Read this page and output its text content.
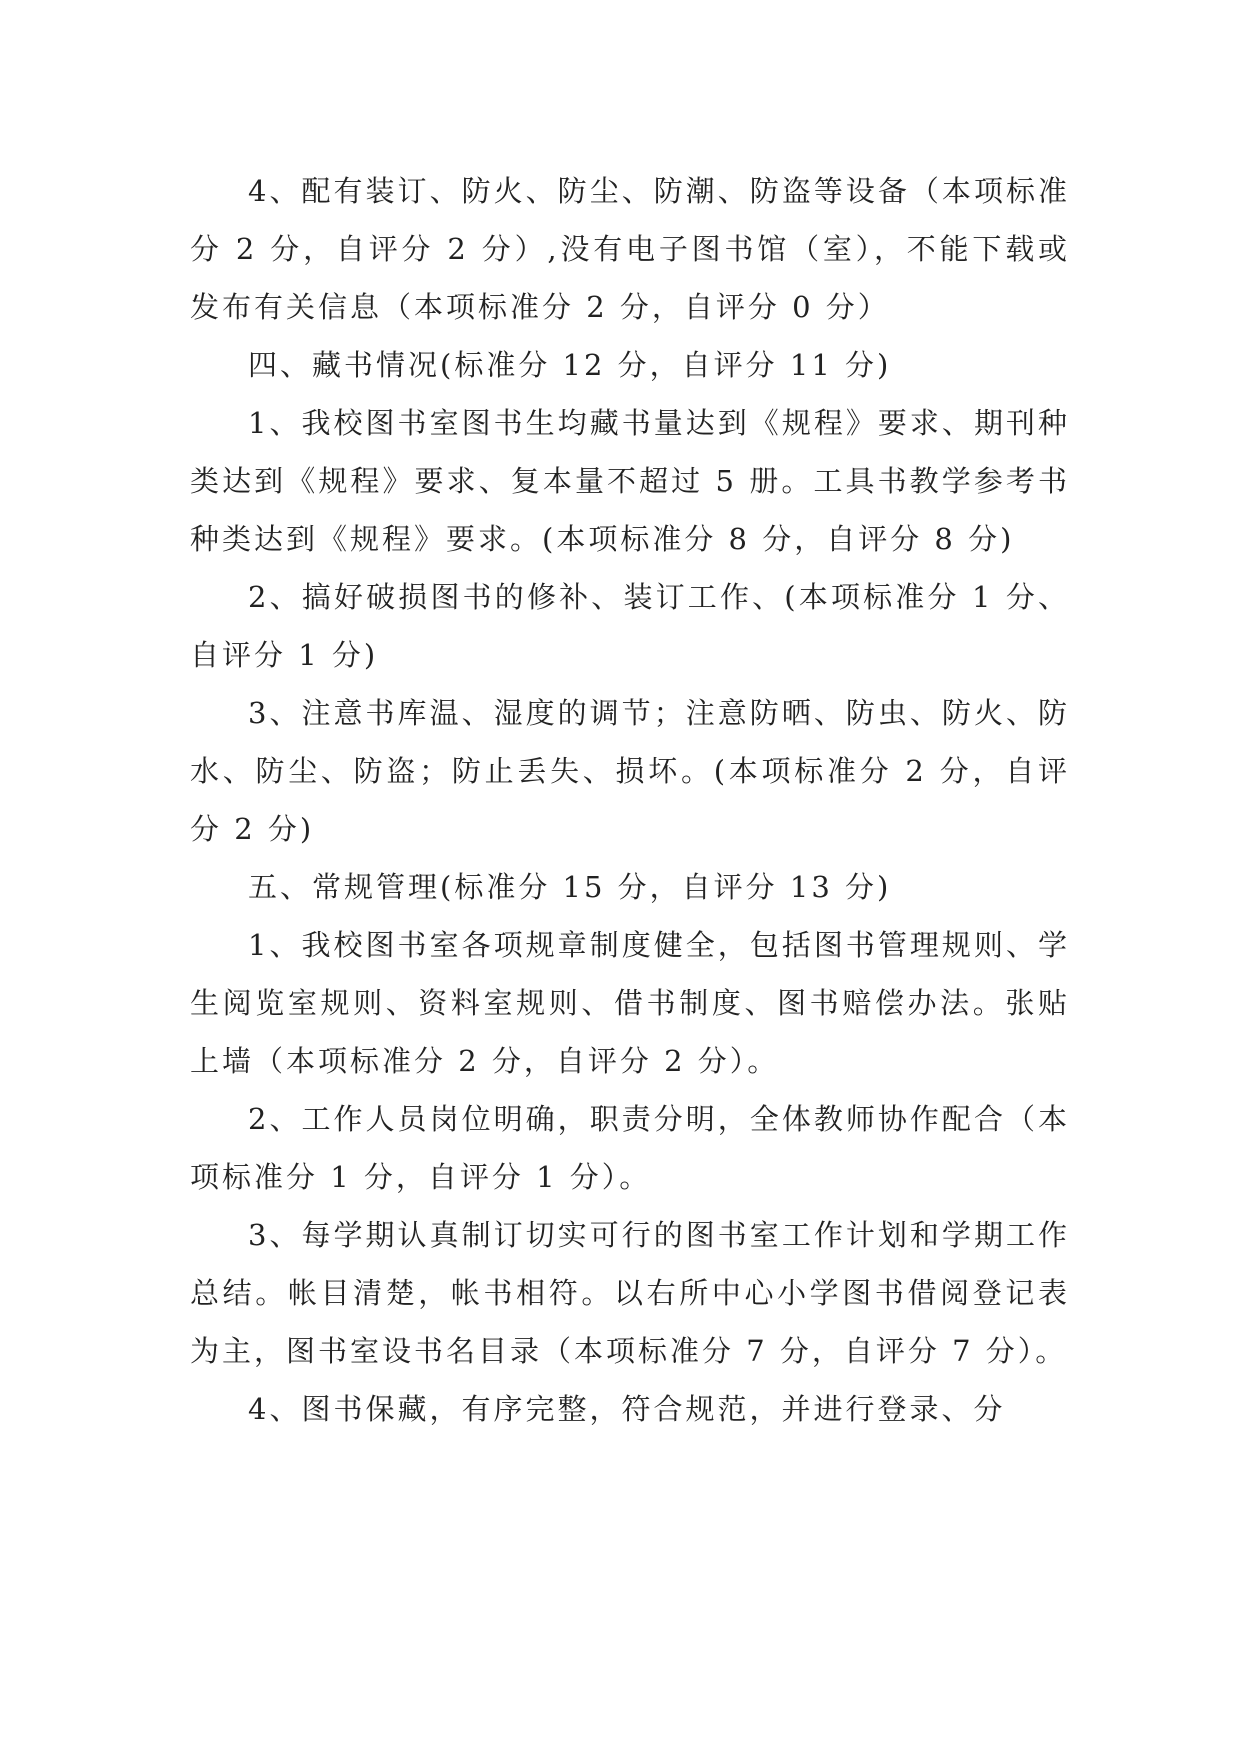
4、配有装订、防火、防尘、防潮、防盗等设备（本项标准分 2 分，自评分 2 分）,没有电子图书馆（室），不能下载或发布有关信息（本项标准分 2 分，自评分 0 分）

四、藏书情况(标准分 12 分，自评分 11 分)

1、我校图书室图书生均藏书量达到《规程》要求、期刊种类达到《规程》要求、复本量不超过 5 册。工具书教学参考书种类达到《规程》要求。(本项标准分 8 分，自评分 8 分)

2、搞好破损图书的修补、装订工作、(本项标准分 1 分、自评分 1 分)

3、注意书库温、湿度的调节；注意防晒、防虫、防火、防水、防尘、防盗；防止丢失、损坏。(本项标准分 2 分，自评分 2 分)

五、常规管理(标准分 15 分，自评分 13 分)

1、我校图书室各项规章制度健全，包括图书管理规则、学生阅览室规则、资料室规则、借书制度、图书赔偿办法。张贴上墙（本项标准分 2 分，自评分 2 分）。

2、工作人员岗位明确，职责分明，全体教师协作配合（本项标准分 1 分，自评分 1 分）。

3、每学期认真制订切实可行的图书室工作计划和学期工作总结。帐目清楚，帐书相符。以右所中心小学图书借阅登记表为主，图书室设书名目录（本项标准分 7 分，自评分 7 分）。

4、图书保藏，有序完整，符合规范，并进行登录、分
